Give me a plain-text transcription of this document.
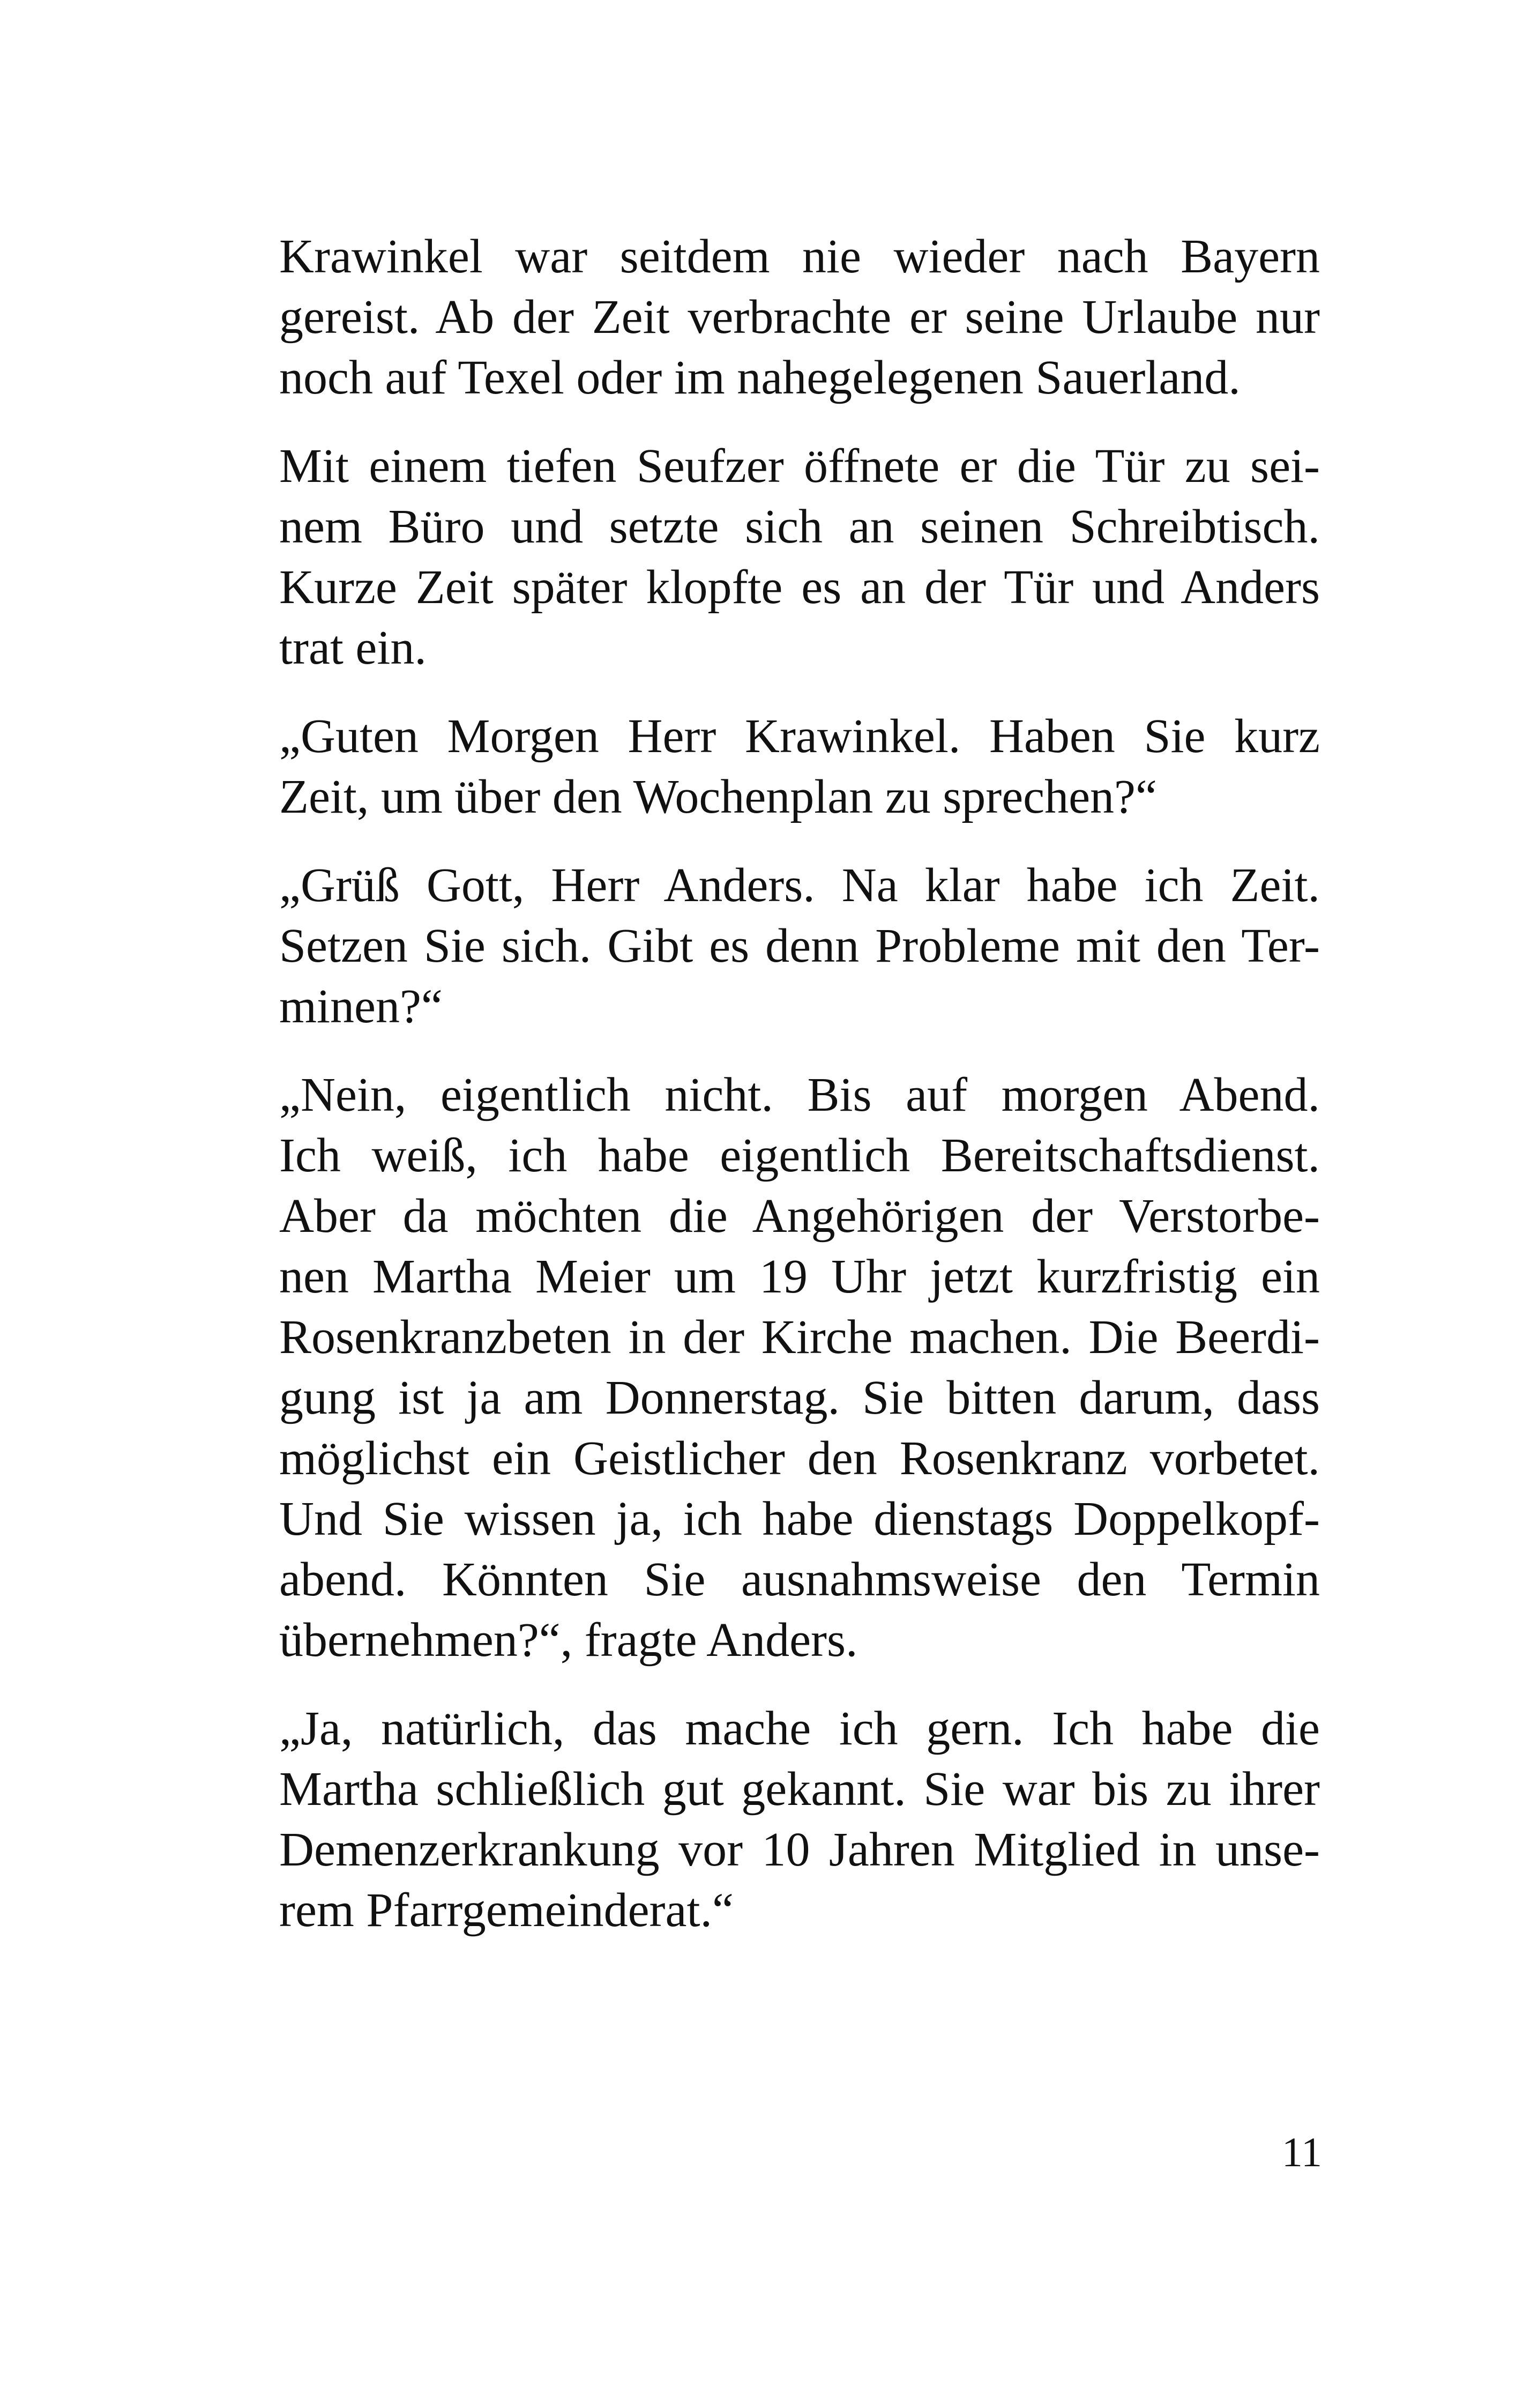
Krawinkel war seitdem nie wieder nach Bayern
gereist. Ab der Zeit verbrachte er seine Urlaube nur
noch auf Texel oder im nahegelegenen Sauerland.

Mit einem tiefen Seufzer öffnete er die Tür zu sei-
nem Büro und setzte sich an seinen Schreibtisch.
Kurze Zeit später klopfte es an der Tür und Anders
trat ein.

„Guten Morgen Herr Krawinkel. Haben Sie kurz
Zeit, um über den Wochenplan zu sprechen?“

„Grüß Gott, Herr Anders. Na klar habe ich Zeit.
Setzen Sie sich. Gibt es denn Probleme mit den Ter-
minen?“

„Nein, eigentlich nicht. Bis auf morgen Abend.
Ich weiß, ich habe eigentlich Bereitschaftsdienst.
Aber da möchten die Angehörigen der Verstorbe-
nen Martha Meier um 19 Uhr jetzt kurzfristig ein
Rosenkranzbeten in der Kirche machen. Die Beerdi-
gung ist ja am Donnerstag. Sie bitten darum, dass
möglichst ein Geistlicher den Rosenkranz vorbetet.
Und Sie wissen ja, ich habe dienstags Doppelkopf-
abend. Könnten Sie ausnahmsweise den Termin
übernehmen?“, fragte Anders.

„Ja, natürlich, das mache ich gern. Ich habe die
Martha schließlich gut gekannt. Sie war bis zu ihrer
Demenzerkrankung vor 10 Jahren Mitglied in unse-
rem Pfarrgemeinderat.“

11
